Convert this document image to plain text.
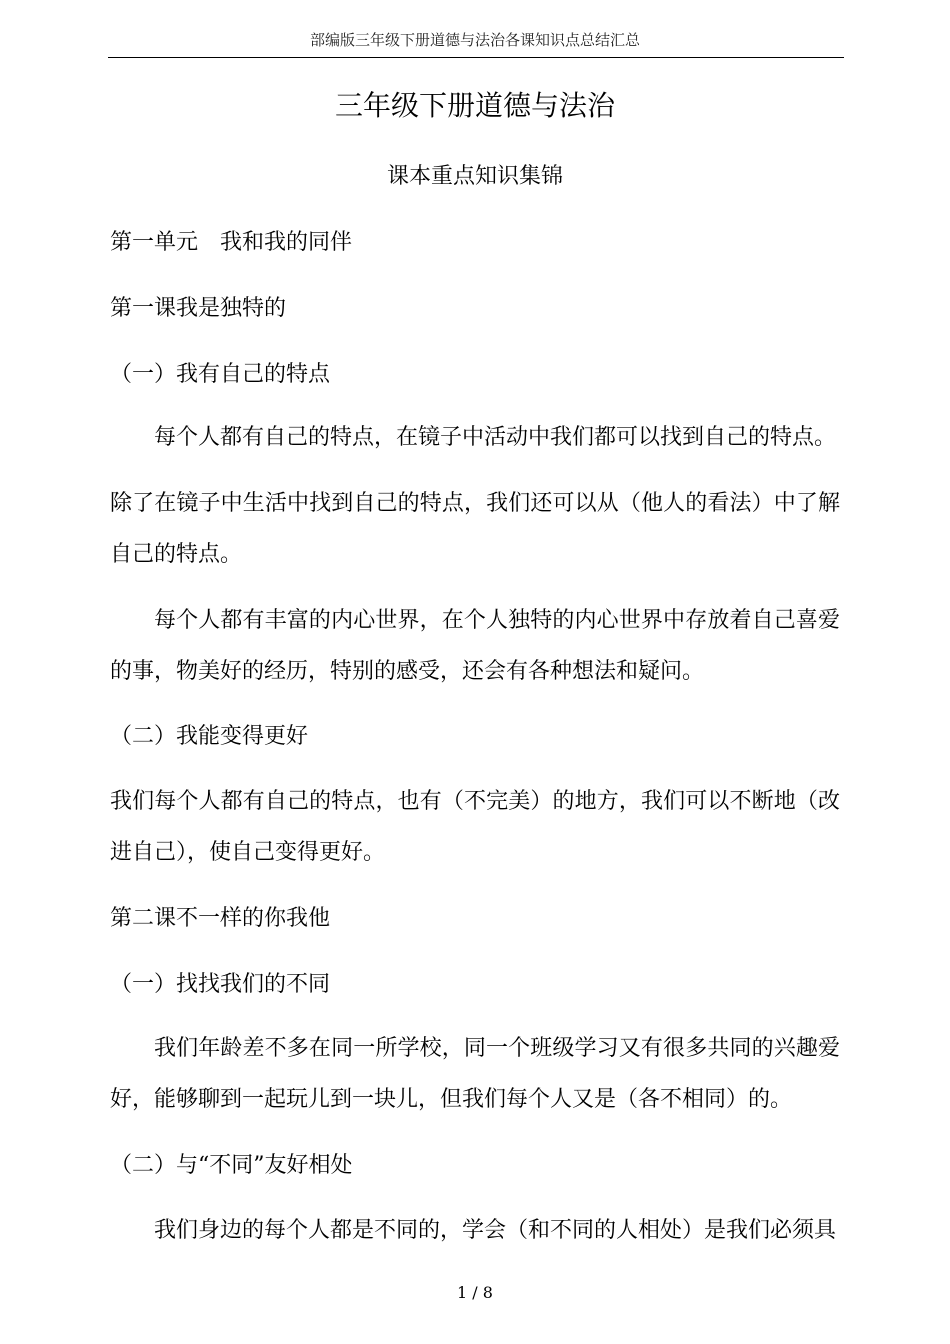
部编版三年级下册道德与法治各课知识点总结汇总
三年级下册道德与法治
课本重点知识集锦
第一单元　我和我的同伴
第一课我是独特的
（一）我有自己的特点
每个人都有自己的特点，在镜子中活动中我们都可以找到自己的特点。
除了在镜子中生活中找到自己的特点，我们还可以从（他人的看法）中了解自己的特点。
每个人都有丰富的内心世界，在个人独特的内心世界中存放着自己喜爱的事，物美好的经历，特别的感受，还会有各种想法和疑问。
（二）我能变得更好
我们每个人都有自己的特点，也有（不完美）的地方，我们可以不断地（改进自己），使自己变得更好。
第二课不一样的你我他
（一）找找我们的不同
我们年龄差不多在同一所学校，同一个班级学习又有很多共同的兴趣爱好，能够聊到一起玩儿到一块儿，但我们每个人又是（各不相同）的。
（二）与“不同”友好相处
我们身边的每个人都是不同的，学会（和不同的人相处）是我们必须具
1 / 8
